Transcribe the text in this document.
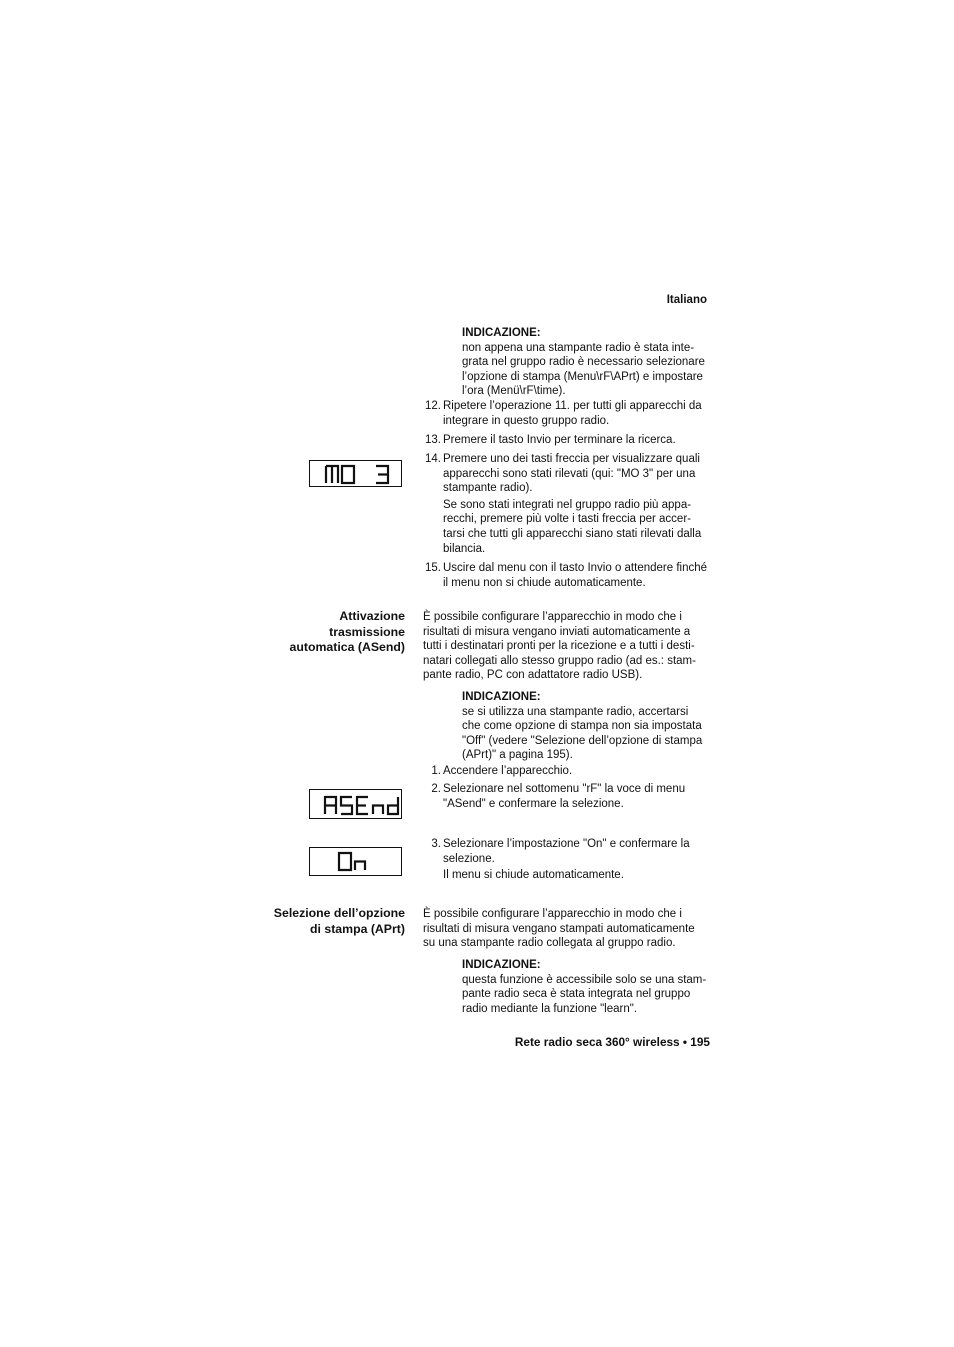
Italiano
INDICAZIONE:
non appena una stampante radio è stata inte-
grata nel gruppo radio è necessario selezionare
l’opzione di stampa (Menu\rF\APrt) e impostare
l’ora (Menü\rF\time).
12. Ripetere l’operazione 11. per tutti gli apparecchi da
integrare in questo gruppo radio.
13. Premere il tasto Invio per terminare la ricerca.
14. Premere uno dei tasti freccia per visualizzare quali
apparecchi sono stati rilevati (qui: "MO 3" per una
stampante radio).
Se sono stati integrati nel gruppo radio più appa-
recchi, premere più volte i tasti freccia per accer-
tarsi che tutti gli apparecchi siano stati rilevati dalla
bilancia.
15. Uscire dal menu con il tasto Invio o attendere finché
il menu non si chiude automaticamente.
Attivazione
trasmissione
automatica (ASend)
È possibile configurare l’apparecchio in modo che i
risultati di misura vengano inviati automaticamente a
tutti i destinatari pronti per la ricezione e a tutti i desti-
natari collegati allo stesso gruppo radio (ad es.: stam-
pante radio, PC con adattatore radio USB).
INDICAZIONE:
se si utilizza una stampante radio, accertarsi
che come opzione di stampa non sia impostata
"Off" (vedere "Selezione dell’opzione di stampa
(APrt)" a pagina 195).
1. Accendere l’apparecchio.
2. Selezionare nel sottomenu "rF" la voce di menu
"ASend" e confermare la selezione.
3. Selezionare l’impostazione "On" e confermare la
selezione.
Il menu si chiude automaticamente.
Selezione dell’opzione
di stampa (APrt)
È possibile configurare l’apparecchio in modo che i
risultati di misura vengano stampati automaticamente
su una stampante radio collegata al gruppo radio.
INDICAZIONE:
questa funzione è accessibile solo se una stam-
pante radio seca è stata integrata nel gruppo
radio mediante la funzione "learn".
Rete radio seca 360° wireless • 195
